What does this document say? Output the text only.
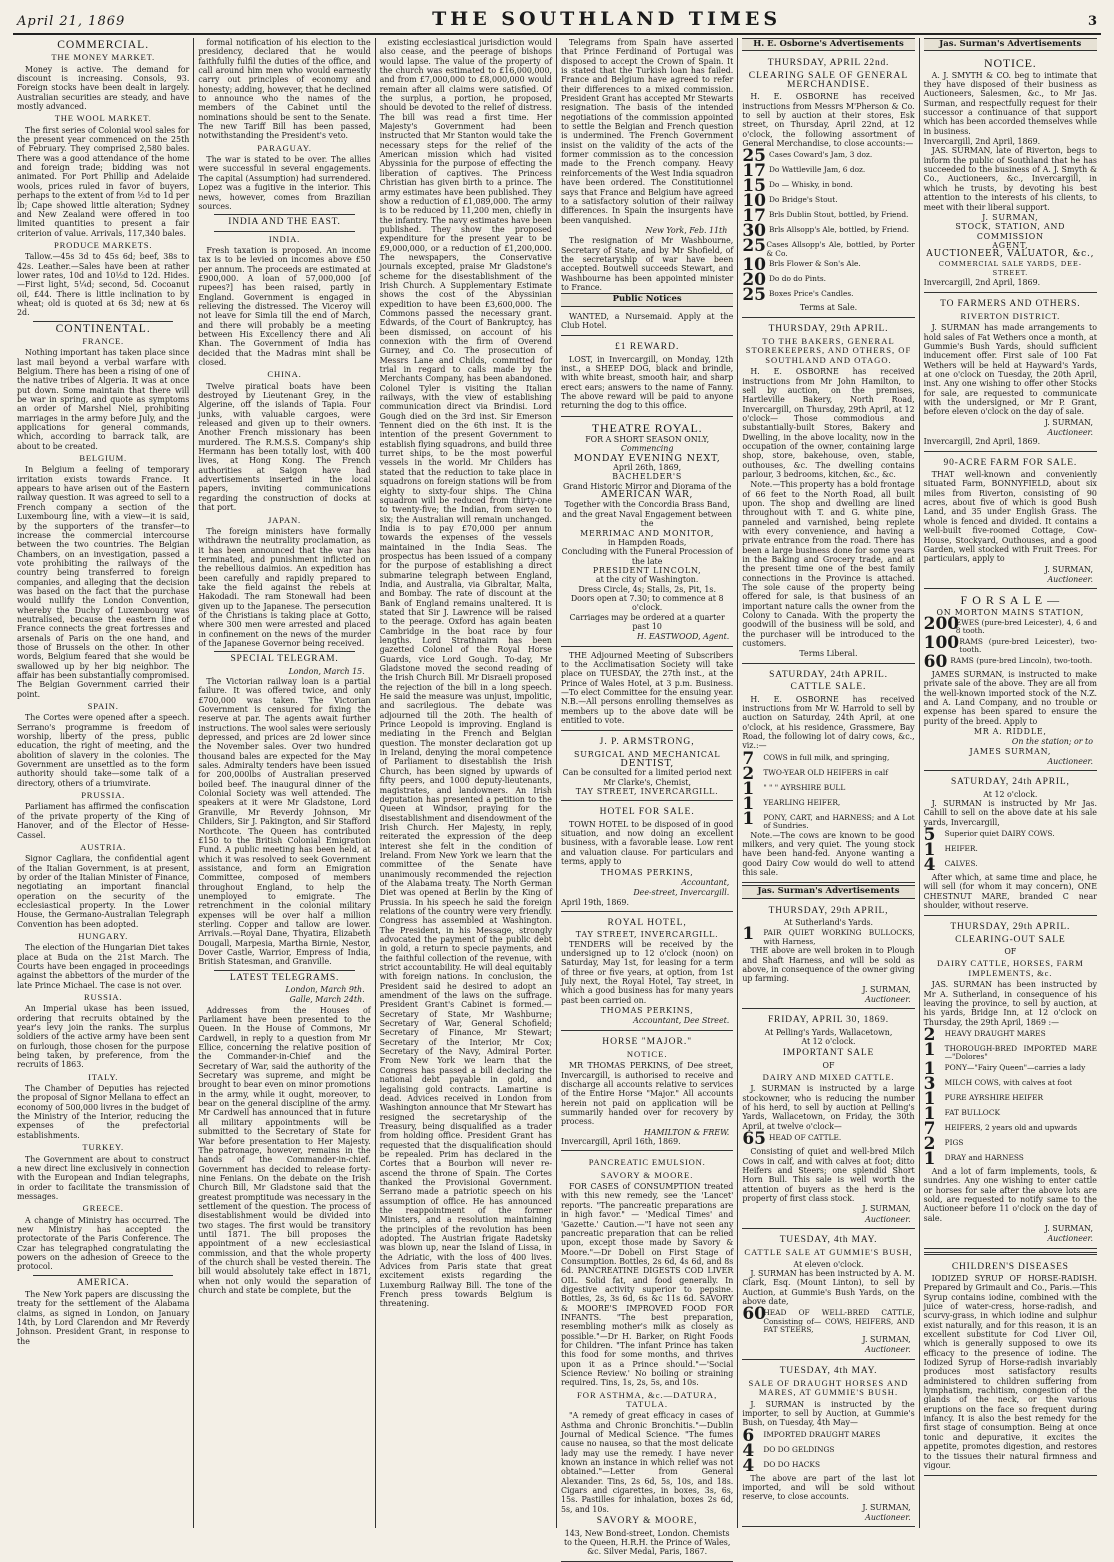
April 21, 1869	THE SOUTHLAND TIMES	3
COMMERCIAL.
THE MONEY MARKET.

Money is active. The demand for discount is increasing. Consols, 93. Foreign stocks have been dealt in largely. Australian securities are steady, and have mostly advanced.

THE WOOL MARKET.

The first series of Colonial wool sales for the present year commenced on the 25th of February. They comprised 2,580 bales. There was a good attendance of the home and foreign trade; bidding was not animated. For Port Phillip and Adelaide wools, prices ruled in favor of buyers, perhaps to the extent of from ½d to 1d per lb; Cape showed little alteration; Sydney and New Zealand were offered in too limited quantities to present a fair criterion of value. Arrivals, 117,340 bales.

PRODUCE MARKETS.

Tallow.—45s 3d to 45s 6d; beef, 38s to 42s. Leather.—Sales have been at rather lower rates, 10d and 10½d to 12d. Hides.—First light, 5¼d; second, 5d. Cocoanut oil, £44. There is little inclination to by wheat; old is quoted at 6s 3d; new at 6s 2d.

CONTINENTAL.
FRANCE.

Nothing important has taken place since last mail beyond a verbal warfare with Belgium. There has been a rising of one of the native tribes of Algeria. It was at once put down. Some maintain that there will be war in spring, and quote as symptoms an order of Marshel Niel, prohibiting marriages in the army before July, and the applications for general commands, which, according to barrack talk, are about to be created.

BELGIUM.

In Belgium a feeling of temporary irritation exists towards France. It appears to have arisen out of the Eastern railway question. It was agreed to sell to a French company a section of the Luxembourg line, with a view—it is said, by the supporters of the transfer—to increase the commercial intercourse between the two countries. The Belgian Chambers, on an investigation, passed a vote prohibiting the railways of the country being transferred to foreign companies, and alleging that the decision was based on the fact that the purchase would nullify the London Convention, whereby the Duchy of Luxembourg was neutralised, because the eastern line of France connects the great fortresses and arsenals of Paris on the one hand, and those of Brussels on the other. In other words, Belgium feared that she would be swallowed up by her big neighbor. The affair has been substantially compromised. The Belgian Government carried their point.

SPAIN.

The Cortes were opened after a speech. Serrano's programme is freedom of worship, liberty of the press, public education, the right of meeting, and the abolition of slavery in the colonies. The Government are unsettled as to the form authority should take—some talk of a directory, others of a triumvirate.

PRUSSIA.

Parliament has affirmed the confiscation of the private property of the King of Hanover, and of the Elector of Hesse-Cassel.

AUSTRIA.

Signor Cagliara, the confidential agent of the Italian Government, is at present, by order of the Italian Minister of Finance, negotiating an important financial operation on the security of the ecclesiastical property. In the Lower House, the Germano-Australian Telegraph Convention has been adopted.

HUNGARY.

The election of the Hungarian Diet takes place at Buda on the 21st March. The Courts have been engaged in proceedings against the abbettors of the murder of the late Prince Michael. The case is not over.

RUSSIA.

An Imperial ukase has been issued, ordering that recruits obtained by the year's levy join the ranks. The surplus soldiers of the active army have been sent on furlough, those chosen for the purpose being taken, by preference, from the recruits of 1863.

ITALY.

The Chamber of Deputies has rejected the proposal of Signor Mellana to effect an economy of 500,000 livres in the budget of the Ministry of the Interior, reducing the expenses of the prefectorial establishments.

TURKEY.

The Government are about to construct a new direct line exclusively in connection with the European and Indian telegraphs, in order to facilitate the transmission of messages.

GREECE.

A change of Ministry has occurred. The new Ministry has accepted the protectorate of the Paris Conference. The Czar has telegraphed congratulating the powers on the adhesion of Greece to the protocol.

AMERICA.

The New York papers are discussing the treaty for the settlement of the Alabama claims, as signed in London, on January 14th, by Lord Clarendon and Mr Reverdy Johnson. President Grant, in response to the

formal notification of his election to the presidency, declared that he would faithfully fulfil the duties of the office, and call around him men who would earnestly carry out principles of economy and honesty; adding, however, that he declined to announce who the names of the members of the Cabinet until the nominations should be sent to the Senate. The new Tariff Bill has been passed, notwithstanding the President's veto.

PARAGUAY.

The war is stated to be over. The allies were successful in several engagements. The capital (Assumption) had surrendered. Lopez was a fugitive in the interior. This news, however, comes from Brazilian sources.

INDIA AND THE EAST.
INDIA.

Fresh taxation is proposed. An income tax is to be levied on incomes above £50 per annum. The proceeds are estimated at £900,000. A loan of 57,000,000 [of rupees?] has been raised, partly in England. Government is engaged in relieving the distressed. The Viceroy will not leave for Simla till the end of March, and there will probably be a meeting between His Excellency there and Ali Khan. The Government of India has decided that the Madras mint shall be closed.

CHINA.

Twelve piratical boats have been destroyed by Lieutenant Grey, in the Algerine, off the islands of Tapia. Four junks, with valuable cargoes, were released and given up to their owners. Another French missionary has been murdered. The R.M.S.S. Company's ship Hermann has been totally lost, with 400 lives, at Hong Kong. The French authorities at Saigon have had advertisements inserted in the local papers, inviting communications regarding the construction of docks at that port.

JAPAN.

The foreign ministers have formally withdrawn the neutrality proclamation, as it has been announced that the war has terminated, and punishment inflicted on the rebellious daimios. An expedition has been carefully and rapidly prepared to take the field against the rebels at Hakodadi. The ram Stonewall had been given up to the Japanese. The persecution of the Christians is taking place at Gotto, where 300 men were arrested and placed in confinement on the news of the murder of the Japanese Governor being received.

SPECIAL TELEGRAM.
London, March 15.

The Victorian railway loan is a partial failure. It was offered twice, and only £700,000 was taken. The Victorian Government is censured for fixing the reserve at par. The agents await further instructions. The wool sales were seriously depressed, and prices are 2d lower since the November sales. Over two hundred thousand bales are expected for the May sales. Admiralty tenders have been issued for 200,000lbs of Australian preserved boiled beef. The inaugural dinner of the Colonial Society was well attended. The speakers at it were Mr Gladstone, Lord Granville, Mr Reverdy Johnson, Mr Childers, Sir J. Pakington, and Sir Stafford Northcote. The Queen has contributed £150 to the British Colonial Emigration Fund. A public meeting has been held, at which it was resolved to seek Government assistance, and form an Emigration Committee, composed of members throughout England, to help the unemployed to emigrate. The retrenchment in the colonial military expenses will be over half a million sterling. Copper and tallow are lower. Arrivals.—Royal Dane, Thyatira, Elizabeth Dougall, Marpesia, Martha Birnie, Nestor, Dover Castle, Warrior, Empress of India, British Statesman, and Granville.

LATEST TELEGRAMS.
London, March 9th.
Galle, March 24th.

Addresses from the Houses of Parliament have been presented to the Queen. In the House of Commons, Mr Cardwell, in reply to a question from Mr Ellice, concerning the relative position of the Commander-in-Chief and the Secretary of War, said the authority of the Secretary was supreme, and might be brought to bear even on minor promotions in the army, while it ought, moreover, to bear on the general discipline of the army. Mr Cardwell has announced that in future all military appointments will be submitted to the Secretary of State for War before presentation to Her Majesty. The patronage, however, remains in the hands of the Commander-in-chief. Government has decided to release forty-nine Fenians. On the debate on the Irish Church Bill, Mr Gladstone said that the greatest promptitude was necessary in the settlement of the question. The process of disestablishment would be divided into two stages. The first would be transitory until 1871. The bill proposes the appointment of a new ecclesiastical commission, and that the whole property of the church shall be vested therein. The bill would absolutely take effect in 1871, when not only would the separation of church and state be complete, but the

existing ecclesiastical jurisdiction would also cease, and the peerage of bishops would lapse. The value of the property of the church was estimated to £16,000,000, and from £7,000,000 to £8,000,000 would remain after all claims were satisfied. Of the surplus, a portion, he proposed, should be devoted to the relief of distress. The bill was read a first time. Her Majesty's Government had been instructed that Mr Stanton would take the necessary steps for the relief of the American mission which had visited Abyssinia for the purpose of effecting the liberation of captives. The Princess Christian has given birth to a prince. The army estimates have been published. They show a reduction of £1,089,000. The army is to be reduced by 11,200 men, chiefly in the infantry. The navy estimates have been published. They show the proposed expenditure for the present year to be £9,000,000, or a reduction of £1,200,000. The newspapers, the Conservative journals excepted, praise Mr Gladstone's scheme for the disestablishment of the Irish Church. A Supplementary Estimate shows the cost of the Abyssinian expedition to have been £3,600,000. The Commons passed the necessary grant. Edwards, of the Court of Bankruptcy, has been dismissed, on account of his connexion with the firm of Overend Gurney, and Co. The prosecution of Messrs Lane and Childs, committed for trial in regard to calls made by the Merchants Company, has been abandoned. Colonel Tyler is visiting the Italian railways, with the view of establishing communication direct via Brindisi. Lord Gough died on the 3rd inst. Sir Emerson Tennent died on the 6th inst. It is the intention of the present Government to establish flying squadrons, and build three turret ships, to be the most powerful vessels in the world. Mr Childers has stated that the reduction to take place in squadrons on foreign stations will be from eighty to sixty-four ships. The China squadron will be reduced from thirty-one to twenty-five; the Indian, from seven to six; the Australian will remain unchanged. India is to pay £70,000 per annum towards the expenses of the vessels maintained in the India Seas. The prospectus has been issued of a company for the purpose of establishing a direct submarine telegraph between England, India, and Australia, via Gibraltar, Malta, and Bombay. The rate of discount at the Bank of England remains unaltered. It is stated that Sir J. Lawrence will be raised to the peerage. Oxford has again beaten Cambridge in the boat race by four lengths. Lord Strathnairn has been gazetted Colonel of the Royal Horse Guards, vice Lord Gough. To-day, Mr Gladstone moved the second reading of the Irish Church Bill. Mr Disraeli proposed the rejection of the bill in a long speech. He said the measure was unjust, impolitic, and sacrilegious. The debate was adjourned till the 20th. The health of Prince Leopold is improving. England is mediating in the French and Belgian question. The monster declaration got up in Ireland, denying the moral competence of Parliament to disestablish the Irish Church, has been signed by upwards of fifty peers, and 1000 deputy-lieutenants, magistrates, and landowners. An Irish deputation has presented a petition to the Queen at Windsor, praying for the disestablishment and disendowment of the Irish Church. Her Majesty, in reply, reiterated the expression of the deep interest she felt in the condition of Ireland. From New York we learn that the committee of the Senate have unanimously recommended the rejection of the Alabama treaty. The North German Diet was opened at Berlin by the King of Prussia. In his speech he said the foreign relations of the country were very friendly. Congress has assembled at Washington. The President, in his Message, strongly advocated the payment of the public debt in gold, a return to specie payments, and the faithful collection of the revenue, with strict accountability. He will deal equitably with foreign nations. In conclusion, the President said he desired to adopt an amendment of the laws on the suffrage. President Grant's Cabinet is formed.—Secretary of State, Mr Washburne; Secretary of War, General Schofield; Secretary of Finance, Mr Stewart; Secretary of the Interior, Mr Cox; Secretary of the Navy, Admiral Porter. From New York we learn that the Congress has passed a bill declaring the national debt payable in gold, and legalising gold contracts. Lamartine is dead. Advices received in London from Washington announce that Mr Stewart has resigned the secretaryship of the Treasury, being disqualified as a trader from holding office. President Grant has requested that the disqualification should be repealed. Prim has declared in the Cortes that a Bourbon will never re-ascend the throne of Spain. The Cortes thanked the Provisional Government. Serrano made a patriotic speech on his assumption of office. He has announced the reappointment of the former Ministers, and a resolution maintaining the principles of the revolution has been adopted. The Austrian frigate Radetsky was blown up, near the Island of Lissa, in the Adriatic, with the loss of 400 lives. Advices from Paris state that great excitement exists regarding the Luxemburg Railway Bill. The tone of the French press towards Belgium is threatening.

Telegrams from Spain have asserted that Prince Ferdinand of Portugal was disposed to accept the Crown of Spain. It is stated that the Turkish loan has failed. France and Belgium have agreed to refer their differences to a mixed commission. President Grant has accepted Mr Stewarts resignation. The basis of the intended negotiations of the commission appointed to settle the Belgian and French question is undermined. The French Government insist on the validity of the acts of the former commission as to the concession made to the French company. Heavy reinforcements of the West India squadron have been ordered. The Constitutionnel says that France and Belgium have agreed to a satisfactory solution of their railway differences. In Spain the insurgents have been vanquished.

New York, Feb. 11th

The resignation of Mr Washbourne, Secretary of State, and by Mr Shofield, of the secretaryship of war have been accepted. Boutwell succeeds Stewart, and Washbourne has been appointed minister to France.

Public Notices

WANTED, a Nursemaid. Apply at the Club Hotel.

£1 REWARD.

LOST, in Invercargill, on Monday, 12th inst., a SHEEP DOG, black and brindle, with white breast, smooth hair, and sharp erect ears; answers to the name of Fanny. The above reward will be paid to anyone returning the dog to this office.

THEATRE ROYAL.
FOR A SHORT SEASON ONLY,
Commencing
MONDAY EVENING NEXT,
April 26th, 1869,
BACHELDER'S
Grand Historic Mirror and Diorama of the
AMERICAN WAR,
Together with the Concordia Brass Band, and the great Naval Engagement between the
MERRIMAC AND MONITOR,
in Hampden Roads,
Concluding with the Funeral Procession of the late
PRESIDENT LINCOLN,
at the city of Washington.
Dress Circle, 4s; Stalls, 2s, Pit, 1s.
Doors open at 7.30; to commence at 8 o'clock.
Carriages may be ordered at a quarter past 10
H. EASTWOOD, Agent.

THE Adjourned Meeting of Subscribers to the Acclimatisation Society will take place on TUESDAY, the 27th inst., at the Prince of Wales Hotel, at 3 p.m. Business.—To elect Committee for the ensuing year. N.B.—All persons enrolling themselves as members up to the above date will be entitled to vote.

J. P. ARMSTRONG,
SURGICAL AND MECHANICAL
DENTIST,
Can be consulted for a limited period next
Mr Clarke's, Chemist,
TAY STREET, INVERCARGILL.
HOTEL FOR SALE.

TOWN HOTEL to be disposed of in good situation, and now doing an excellent business, with a favorable lease. Low rent and valuation clause. For particulars and terms, apply to

THOMAS PERKINS,
Accountant,
Dee-street, Invercargill.
April 19th, 1869.
ROYAL HOTEL,
TAY STREET, INVERCARGILL.

TENDERS will be received by the undersigned up to 12 o'clock (noon) on Saturday, May 1st, for leasing for a term of three or five years, at option, from 1st July next, the Royal Hotel, Tay street, in which a good business has for many years past been carried on.

THOMAS PERKINS,
Accountant, Dee Street.
HORSE "MAJOR."
NOTICE.

MR THOMAS PERKINS, of Dee street, Invercargill, is authorised to receive and discharge all accounts relative to services of the Entire Horse "Major." All accounts herein not paid on application will be summarily handed over for recovery by process.

HAMILTON & FREW.
Invercargill, April 16th, 1869.
PANCREATIC EMULSION.
SAVORY & MOORE.

FOR CASES of CONSUMPTION treated with this new remedy, see the 'Lancet' reports. "The pancreatic preparations are in high favor." — 'Medical Times' and 'Gazette.' Caution.—"I have not seen any pancreatic preparation that can be relied upon, except those made by Savory & Moore."—Dr Dobell on First Stage of Consumption. Bottles, 2s 6d, 4s 6d, and 8s 6d. PANCREATINE DIGESTS COD LIVER OIL. Solid fat, and food generally. In digestive activity superior to pepsine. Bottles, 2s, 3s 6d, 6s &c 11s 6d. SAVORY & MOORE'S IMPROVED FOOD FOR INFANTS. "The best preparation, resembling mother's milk as closely as possible."—Dr H. Barker, on Right Foods for Children. "The infant Prince has taken this food for some months, and thrives upon it as a Prince should."—'Social Science Review.' No boiling or straining required. Tins, 1s, 2s, 5s, and 10s.

FOR ASTHMA, &c.—DATURA, TATULA.

"A remedy of great efficacy in cases of Asthma and Chronic Bronchitis."—Dublin Journal of Medical Science. "The fumes cause no nausea, so that the most delicate lady may use the remedy. I have never known an instance in which relief was not obtained."—Letter from General Alexander. Tins, 2s 6d, 5s, 10s, and 18s. Cigars and cigarettes, in boxes, 3s, 6s, 15s. Pastilles for inhalation, boxes 2s 6d, 5s, and 10s.

SAVORY & MOORE,
143, New Bond-street, London. Chemists to the Queen, H.R.H. the Prince of Wales, &c. Silver Medal, Paris, 1867.
H. E. Osborne's Advertisements
THURSDAY, APRIL 22nd.
CLEARING SALE OF GENERAL MERCHANDISE.

H. E. OSBORNE has received instructions from Messrs M'Pherson & Co. to sell by auction at their stores, Esk street, on Thursday, April 22nd, at 12 o'clock, the following assortment of General Merchandise, to close accounts:—

25 Cases Coward's Jam, 3 doz.
17 Do Wattleville Jam, 6 doz.
15 Do — Whisky, in bond.
10 Do Bridge's Stout.
17 Brls Dublin Stout, bottled, by Friend.
30 Brls Allsopp's Ale, bottled, by Friend.
25 Cases Allsopp's Ale, bottled, by Porter & Co.
10 Brls Flower & Son's Ale.
20 Do do do Pints.
25 Boxes Price's Candles.
Terms at Sale.
THURSDAY, 29th APRIL.
TO THE BAKERS, GENERAL STOREKEEPERS, AND OTHERS, OF SOUTHLAND AND OTAGO.

H. E. OSBORNE has received instructions from Mr John Hamilton, to sell by auction, on the premises, Hartleville Bakery, North Road, Invercargill, on Thursday, 29th April, at 12 o'clock— Those commodious and substantially-built Stores, Bakery and Dwelling, in the above locality, now in the occupation of the owner, containing large shop, store, bakehouse, oven, stable, outhouses, &c. The dwelling contains parlour, 3 bedrooms, kitchen, &c., &c.

Note.—This property has a bold frontage of 66 feet to the North Road, all built upon. The shop and dwelling are lined throughout with T. and G. white pine, panneled and varnished, being replete with every convenience, and having a private entrance from the road. There has been a large business done for some years in the Baking and Grocery trade, and at the present time one of the best family connections in the Province is attached. The sole cause of the property being offered for sale, is that business of an important nature calls the owner from the Colony to Canada. With the property the goodwill of the business will be sold, and the purchaser will be introduced to the customers.

Terms Liberal.
SATURDAY, 24th APRIL.
CATTLE SALE.

H. E. OSBORNE has received instructions from Mr W. Harrold to sell by auction on Saturday, 24th April, at one o'clock, at his residence, Grassmere, Bay Road, the following lot of dairy cows, &c., viz.:—

7	COWS in full milk, and springing,
2	TWO-YEAR OLD HEIFERS in calf
1	" " " AYRSHIRE BULL
1	YEARLING HEIFER,
1	PONY, CART, and HARNESS; and A Lot of Sundries.

Note.—The cows are known to be good milkers, and very quiet. The young stock have been hand-fed. Anyone wanting a good Dairy Cow would do well to attend this sale.

Jas. Surman's Advertisements
THURSDAY, 29th APRIL,
At Sutherland's Yards.
1	PAIR QUIET WORKING BULLOCKS, with Harness,

THE above are well broken in to Plough and Shaft Harness, and will be sold as above, in consequence of the owner giving up farming.

J. SURMAN,
Auctioneer.
FRIDAY, APRIL 30, 1869.
At Pelling's Yards, Wallacetown,
At 12 o'clock.
IMPORTANT SALE
OF
DAIRY AND MIXED CATTLE.

J. SURMAN is instructed by a large stockowner, who is reducing the number of his herd, to sell by auction at Pelling's Yards, Wallacetown, on Friday, the 30th April, at twelve o'clock—

65 HEAD OF CATTLE.

Consisting of quiet and well-bred Milch Cows in calf, and with calves at foot; ditto Heifers and Steers; one splendid Short Horn Bull. This sale is well worth the attention of buyers as the herd is the property of first class stock.

J. SURMAN,
Auctioneer.
TUESDAY, 4th MAY.
CATTLE SALE AT GUMMIE'S BUSH,
At eleven o'clock.

J. SURMAN has been instructed by A. M. Clark, Esq. (Mount Linton), to sell by Auction, at Gummie's Bush Yards, on the above date,

60
HEAD OF WELL-BRED CATTLE, Consisting of— COWS, HEIFERS, AND FAT STEERS,
J. SURMAN,
Auctioneer.
TUESDAY, 4th MAY.
SALE OF DRAUGHT HORSES AND MARES, AT GUMMIE'S BUSH.

J. SURMAN is instructed by the importer, to sell by Auction, at Gummie's Bush, on Tuesday, 4th May—

6	IMPORTED DRAUGHT MARES
4	DO DO GELDINGS
4	DO DO HACKS

The above are part of the last lot imported, and will be sold without reserve, to close accounts.

J. SURMAN,
Auctioneer.
Jas. Surman's Advertisements
NOTICE.

A. J. SMYTH & CO. beg to intimate that they have disposed of their business as Auctioneers, Salesmen, &c., to Mr Jas. Surman, and respectfully request for their successor a continuance of that support which has been accorded themselves while in business.

Invercargill, 2nd April, 1869.

JAS. SURMAN, late of Riverton, begs to inform the public of Southland that he has succeeded to the business of A. J. Smyth & Co., Auctioneers, &c., Invercargill, in which he trusts, by devoting his best attention to the interests of his clients, to meet with their liberal support.

J. SURMAN,
STOCK, STATION, AND COMMISSION
AGENT,
AUCTIONEER, VALUATOR, &c.,
COMMERCIAL SALE YARDS, DEE-STREET.
Invercargill, 2nd April, 1869.
TO FARMERS AND OTHERS.
RIVERTON DISTRICT.

J. SURMAN has made arrangements to hold sales of Fat Wethers once a month, at Gummie's Bush Yards, should sufficient inducement offer. First sale of 100 Fat Wethers will be held at Hayward's Yards, at one o'clock on Tuesday, the 20th April, inst. Any one wishing to offer other Stocks for sale, are requested to communicate with the undersigned, or Mr P. Grant, before eleven o'clock on the day of sale.

J. SURMAN,
Auctioneer.
Invercargill, 2nd April, 1869.
90-ACRE FARM FOR SALE.

THAT well-known and conveniently situated Farm, BONNYFIELD, about six miles from Riverton, consisting of 90 acres, about five of which is good Bush Land, and 35 under English Grass. The whole is fenced and divided. It contains a well-built five-roomed Cottage, Cow-House, Stockyard, Outhouses, and a good Garden, well stocked with Fruit Trees. For particulars, apply to

J. SURMAN,
Auctioneer.
F O R S A L E —
ON MORTON MAINS STATION,
200
EWES (pure-bred Leicester), 4, 6 and 8 tooth.
100 RAMS (pure-bred Leicester), two-tooth.
60 RAMS (pure-bred Lincoln), two-tooth.

JAMES SURMAN, is instructed to make private sale of the above. They are all from the well-known imported stock of the N.Z. and A. Land Company, and no trouble or expense has been spared to ensure the purity of the breed. Apply to

MR A. RIDDLE,
On the station; or to
JAMES SURMAN,
Auctioneer.
SATURDAY, 24th APRIL,
At 12 o'clock.

J. SURMAN is instructed by Mr Jas. Cahill to sell on the above date at his sale yards, Invercargill,

5	Superior quiet DAIRY COWS.
1	HEIFER.
4	CALVES.

After which, at same time and place, he will sell (for whom it may concern), ONE CHESTNUT MARE, branded C near shoulder, without reserve.

THURSDAY, 29th APRIL.
CLEARING-OUT SALE
OF
DAIRY CATTLE, HORSES, FARM IMPLEMENTS, &c.

JAS. SURMAN has been instructed by Mr A. Sutherland, in consequence of his leaving the province, to sell by auction, at his yards, Bridge Inn, at 12 o'clock on Thursday, the 29th April, 1869 :—

2	HEAVY DRAUGHT MARES
1	THOROUGH-BRED IMPORTED MARE—"Dolores"
1	PONY—"Fairy Queen"—carries a lady
3	MILCH COWS, with calves at foot
1	PURE AYRSHIRE HEIFER
1	FAT BULLOCK
7	HEIFERS, 2 years old and upwards
2	PIGS
1	DRAY and HARNESS

And a lot of farm implements, tools, & sundries. Any one wishing to enter cattle or horses for sale after the above lots are sold, are requested to notify same to the Auctioneer before 11 o'clock on the day of sale.

J. SURMAN,
Auctioneer.
CHILDREN'S DISEASES

IODIZED SYRUP OF HORSE-RADISH. Prepared by Grimault and Co., Paris.—This Syrup contains iodine, combined with the juice of water-cress, horse-radish, and scurvy-grass, in which iodine and sulphur exist naturally, and for this reason, it is an excellent substitute for Cod Liver Oil, which is generally supposed to owe its efficacy to the presence of iodine. The Iodized Syrup of Horse-radish invariably produces most satisfactory results administered to children suffering from lymphatism, rachitism, congestion of the glands of the neck, or the various eruptions on the face so frequent during infancy. It is also the best remedy for the first stage of consumption. Being at once tonic and depurative, it excites the appetite, promotes digestion, and restores to the tissues their natural firmness and vigour.
